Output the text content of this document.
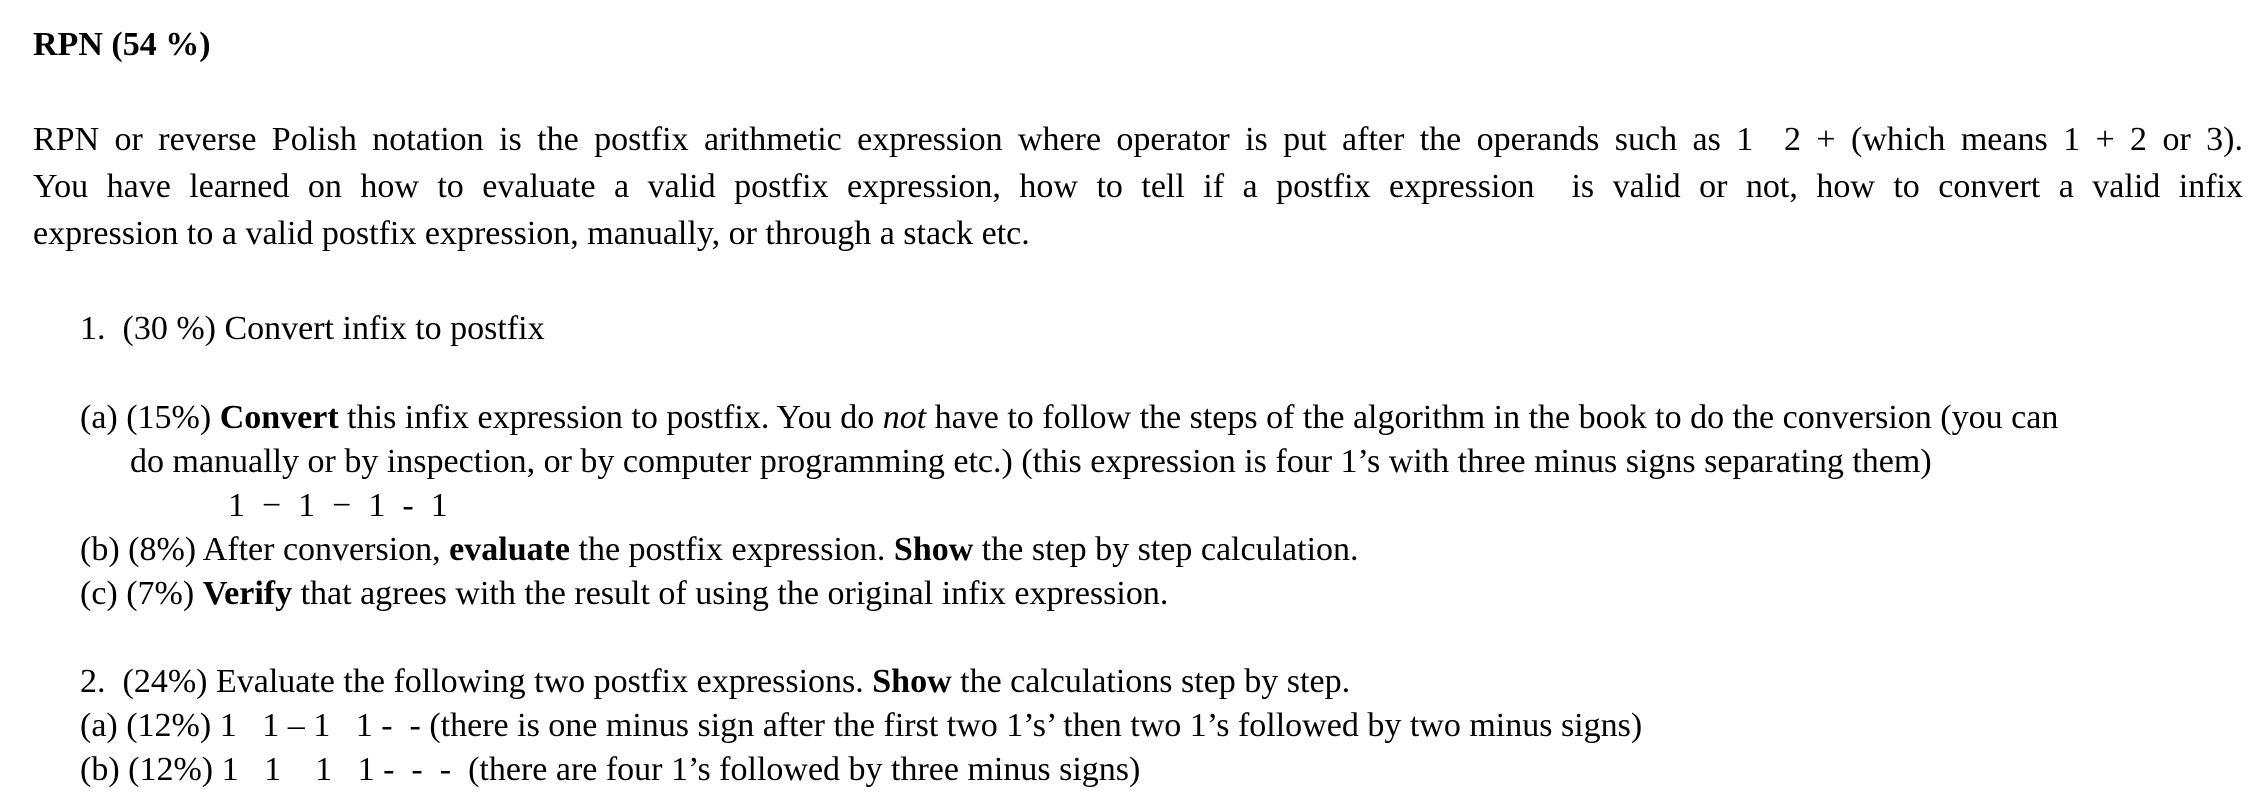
RPN (54 %)
RPN or reverse Polish notation is the postfix arithmetic expression where operator is put after the operands such as 1  2 + (which means 1 + 2 or 3).
You have learned on how to evaluate a valid postfix expression, how to tell if a postfix expression  is valid or not, how to convert a valid infix
expression to a valid postfix expression, manually, or through a stack etc.
1.  (30 %) Convert infix to postfix
(a) (15%) Convert this infix expression to postfix. You do not have to follow the steps of the algorithm in the book to do the conversion (you can
do manually or by inspection, or by computer programming etc.) (this expression is four 1’s with three minus signs separating them)
1  −  1  −  1  -  1
(b) (8%) After conversion, evaluate the postfix expression. Show the step by step calculation.
(c) (7%) Verify that agrees with the result of using the original infix expression.
2.  (24%) Evaluate the following two postfix expressions. Show the calculations step by step.
(a) (12%) 1   1 – 1   1 -  - (there is one minus sign after the first two 1’s’ then two 1’s followed by two minus signs)
(b) (12%) 1   1    1   1 -  -  -  (there are four 1’s followed by three minus signs)
